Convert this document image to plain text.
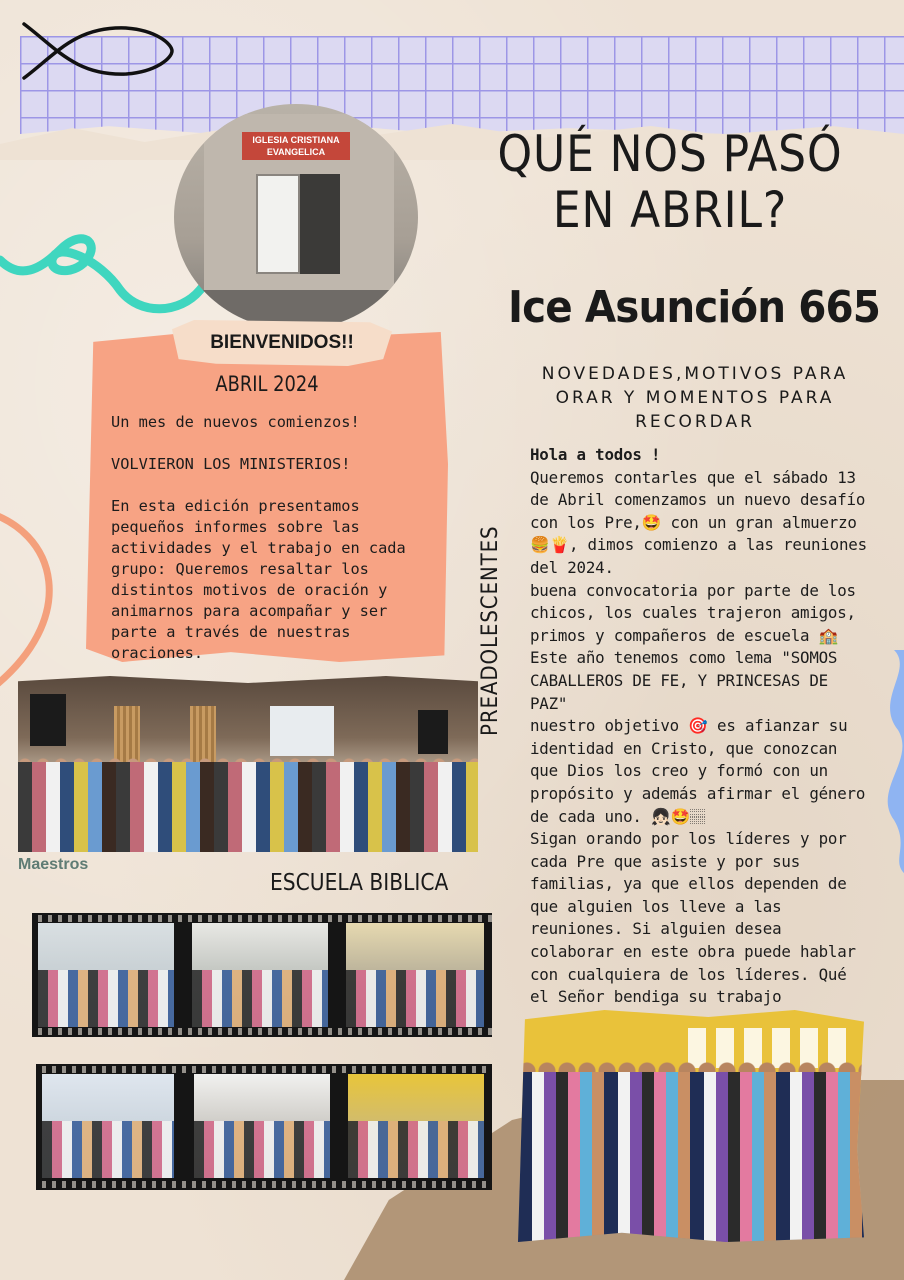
IGLESIA CRISTIANA EVANGELICA	QUÉ NOS PASÓ
EN ABRIL?
Ice Asunción 665
NOVEDADES,MOTIVOS PARA ORAR Y MOMENTOS PARA RECORDAR
BIENVENIDOS!!
ABRIL 2024

Un mes de nuevos comienzos!

VOLVIERON LOS MINISTERIOS!

En esta edición presentamos pequeños informes sobre las actividades y el trabajo en cada grupo: Queremos resaltar los distintos motivos de oración y animarnos para acompañar y ser parte a través de nuestras oraciones.	PREADOLESCENTES
Hola a todos !
Queremos contarles que el sábado 13 de Abril comenzamos un nuevo desafío con los Pre,🤩 con un gran almuerzo🍔🍟, dimos comienzo a las reuniones del 2024.
buena convocatoria por parte de los chicos, los cuales trajeron amigos, primos y compañeros de escuela 🏫
Este año tenemos como lema "SOMOS CABALLEROS DE FE, Y PRINCESAS DE PAZ"
nuestro objetivo 🎯 es afianzar su identidad en Cristo, que conozcan que Dios los creo y formó con un propósito y además afirmar el género de cada uno. 👧🏻🤩🏽
Sigan orando por los líderes y por cada Pre que asiste y por sus familias, ya que ellos dependen de que alguien los lleve a las reuniones. Si alguien desea colaborar en este obra puede hablar con cualquiera de los líderes. Qué el Señor bendiga su trabajo
Maestros
ESCUELA BIBLICA
